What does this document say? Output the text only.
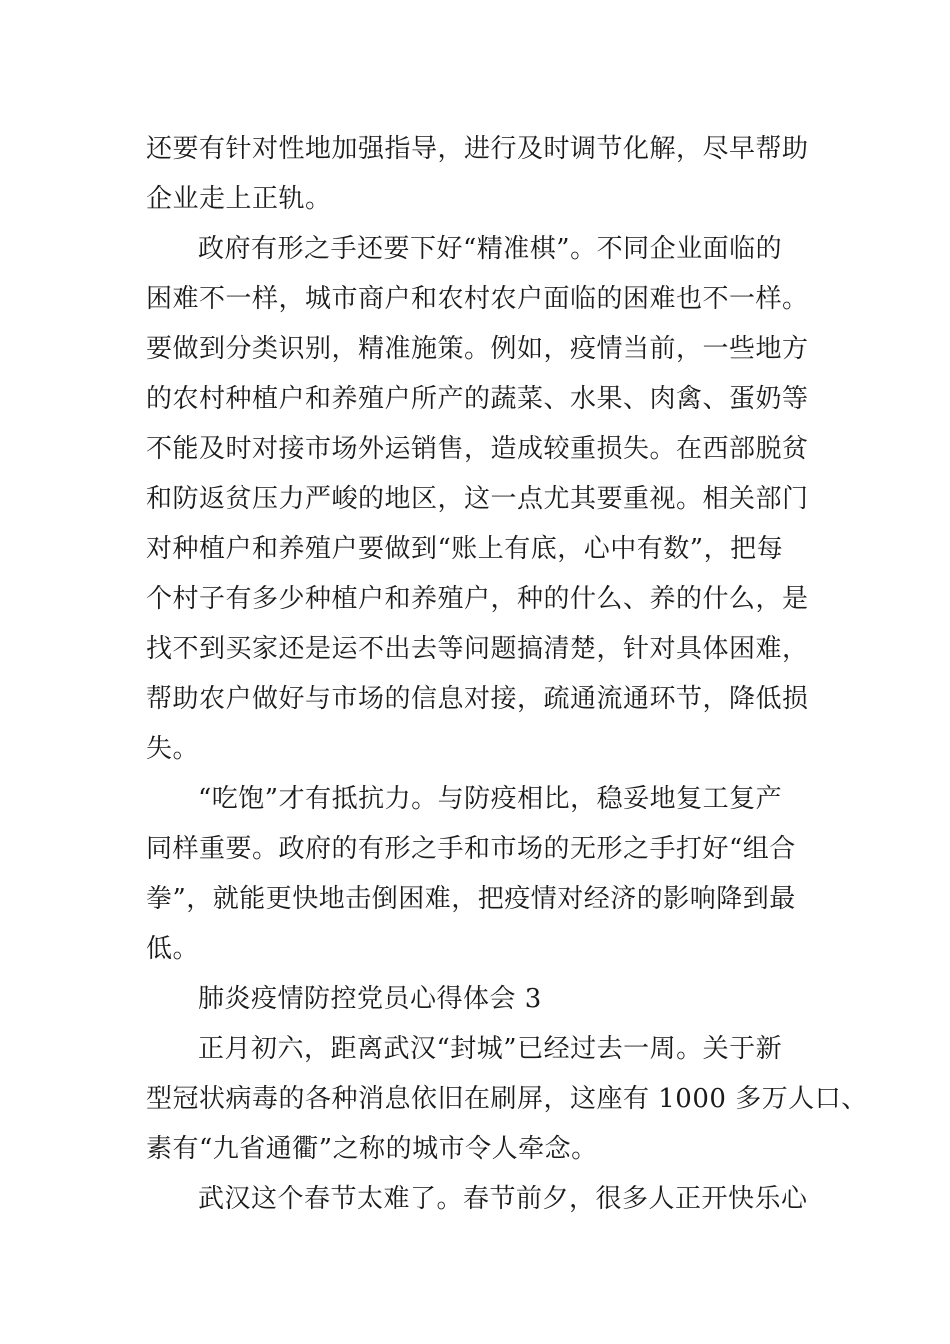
还要有针对性地加强指导，进行及时调节化解，尽早帮助
企业走上正轨。
政府有形之手还要下好“精准棋”。不同企业面临的
困难不一样，城市商户和农村农户面临的困难也不一样。
要做到分类识别，精准施策。例如，疫情当前，一些地方
的农村种植户和养殖户所产的蔬菜、水果、肉禽、蛋奶等
不能及时对接市场外运销售，造成较重损失。在西部脱贫
和防返贫压力严峻的地区，这一点尤其要重视。相关部门
对种植户和养殖户要做到“账上有底，心中有数”，把每
个村子有多少种植户和养殖户，种的什么、养的什么，是
找不到买家还是运不出去等问题搞清楚，针对具体困难，
帮助农户做好与市场的信息对接，疏通流通环节，降低损
失。
“吃饱”才有抵抗力。与防疫相比，稳妥地复工复产
同样重要。政府的有形之手和市场的无形之手打好“组合
拳”，就能更快地击倒困难，把疫情对经济的影响降到最
低。
肺炎疫情防控党员心得体会 3
正月初六，距离武汉“封城”已经过去一周。关于新
型冠状病毒的各种消息依旧在刷屏，这座有 1000 多万人口、
素有“九省通衢”之称的城市令人牵念。
武汉这个春节太难了。春节前夕，很多人正开快乐心
